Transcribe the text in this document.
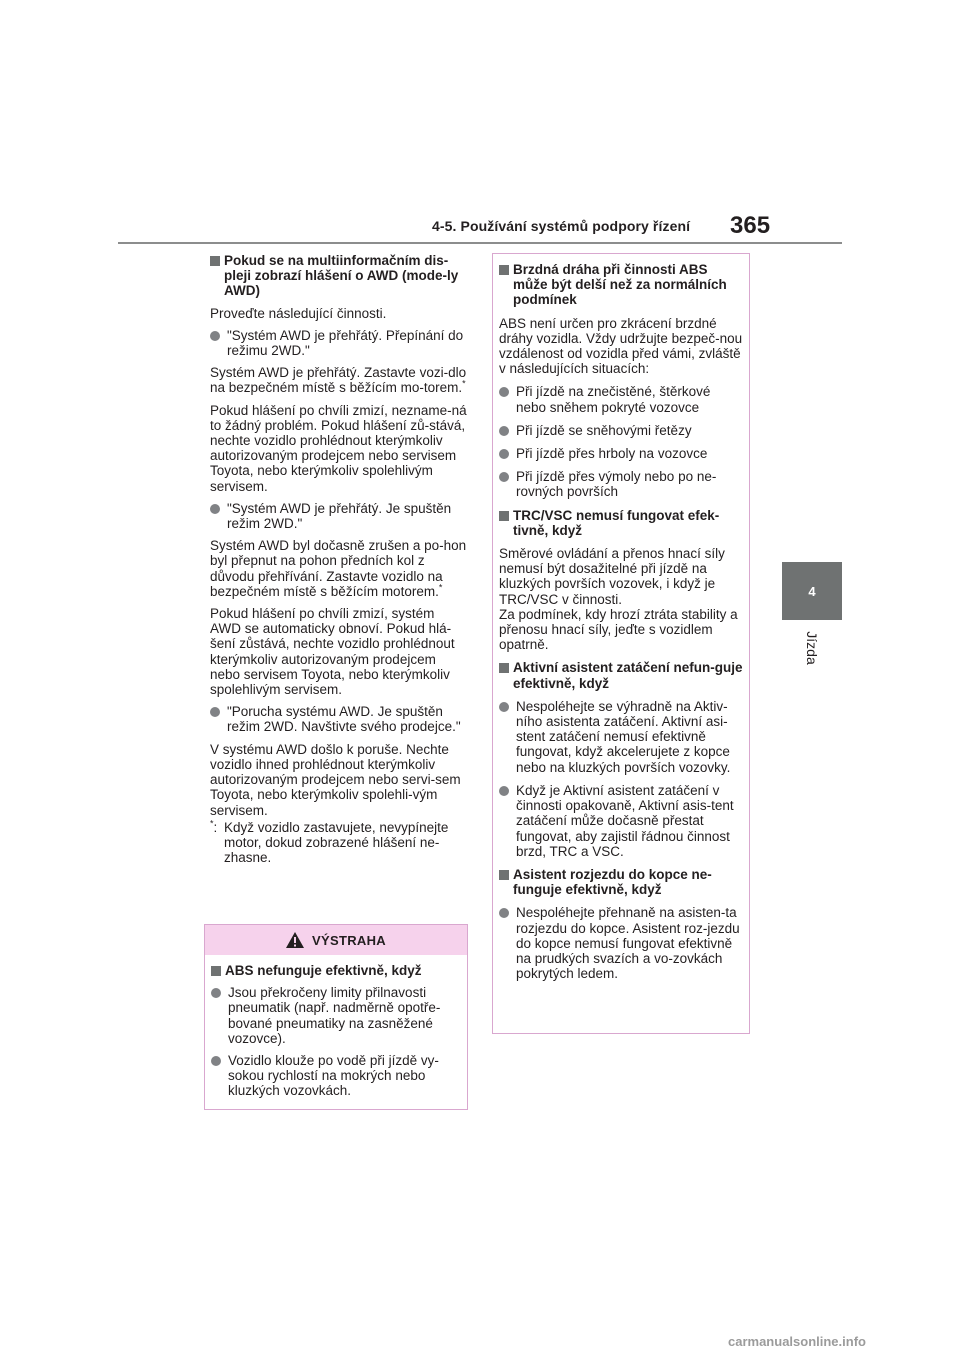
4-5. Používání systémů podpory řízení 365
4
Jízda
Pokud se na multiinformačním dis-pleji zobrazí hlášení o AWD (mode-ly AWD)
Proveďte následující činnosti.
"Systém AWD je přehřátý. Přepínání do režimu 2WD."
Systém AWD je přehřátý. Zastavte vozi-dlo na bezpečném místě s běžícím mo-torem.*
Pokud hlášení po chvíli zmizí, nezname-ná to žádný problém. Pokud hlášení zů-stává, nechte vozidlo prohlédnout kterýmkoliv autorizovaným prodejcem nebo servisem Toyota, nebo kterýmkoliv spolehlivým servisem.
"Systém AWD je přehřátý. Je spuštěn režim 2WD."
Systém AWD byl dočasně zrušen a po-hon byl přepnut na pohon předních kol z důvodu přehřívání. Zastavte vozidlo na bezpečném místě s běžícím motorem.*
Pokud hlášení po chvíli zmizí, systém AWD se automaticky obnoví. Pokud hlá-šení zůstává, nechte vozidlo prohlédnout kterýmkoliv autorizovaným prodejcem nebo servisem Toyota, nebo kterýmkoliv spolehlivým servisem.
"Porucha systému AWD. Je spuštěn režim 2WD. Navštivte svého prodejce."
V systému AWD došlo k poruše. Nechte vozidlo ihned prohlédnout kterýmkoliv autorizovaným prodejcem nebo servi-sem Toyota, nebo kterýmkoliv spolehli-vým servisem.
*: Když vozidlo zastavujete, nevypínejte motor, dokud zobrazené hlášení ne-zhasne.
VÝSTRAHA
ABS nefunguje efektivně, když
Jsou překročeny limity přilnavosti pneumatik (např. nadměrně opotře-bované pneumatiky na zasněžené vozovce).
Vozidlo klouže po vodě při jízdě vy-sokou rychlostí na mokrých nebo kluzkých vozovkách.
Brzdná dráha při činnosti ABS může být delší než za normálních podmínek
ABS není určen pro zkrácení brzdné dráhy vozidla. Vždy udržujte bezpeč-nou vzdálenost od vozidla před vámi, zvláště v následujících situacích:
Při jízdě na znečistěné, štěrkové nebo sněhem pokryté vozovce
Při jízdě se sněhovými řetězy
Při jízdě přes hrboly na vozovce
Při jízdě přes výmoly nebo po ne-rovných površích
TRC/VSC nemusí fungovat efek-tivně, když
Směrové ovládání a přenos hnací síly nemusí být dosažitelné při jízdě na kluzkých površích vozovek, i když je TRC/VSC v činnosti.
Za podmínek, kdy hrozí ztráta stability a přenosu hnací síly, jeďte s vozidlem opatrně.
Aktivní asistent zatáčení nefun-guje efektivně, když
Nespoléhejte se výhradně na Aktiv-ního asistenta zatáčení. Aktivní asi-stent zatáčení nemusí efektivně fungovat, když akcelerujete z kopce nebo na kluzkých površích vozovky.
Když je Aktivní asistent zatáčení v činnosti opakovaně, Aktivní asis-tent zatáčení může dočasně přestat fungovat, aby zajistil řádnou činnost brzd, TRC a VSC.
Asistent rozjezdu do kopce ne-funguje efektivně, když
Nespoléhejte přehnaně na asisten-ta rozjezdu do kopce. Asistent roz-jezdu do kopce nemusí fungovat efektivně na prudkých svazích a vo-zovkách pokrytých ledem.
carmanualsonline.info
